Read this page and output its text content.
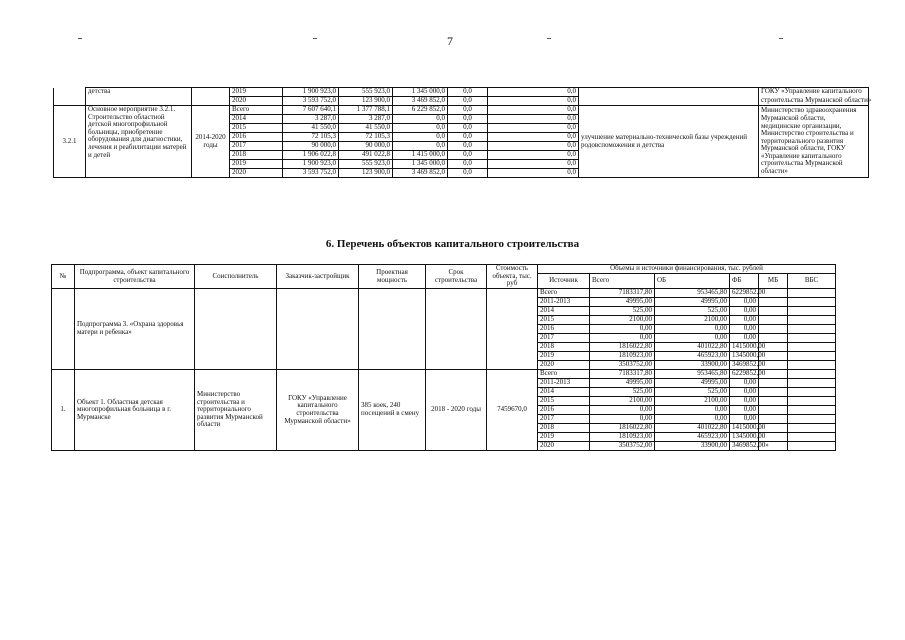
7
	детства		2019	1 900 923,0	555 923,0	1 345 000,0	0,0	0,0		ГОКУ «Управление капитального
			2020	3 593 752,0	123 900,0	3 469 852,0	0,0	0,0		строительства Мурманской области»
3.2.1	Основное мероприятие 3.2.1. Строительство областной детской многопрофильной больницы, приобретение оборудования для диагностики, лечения и реабилитации матерей и детей	2014-2020 годы	Всего	7 607 640,1	1 377 788,1	6 229 852,0	0,0	0,0	улучшение материально-технической базы учреждений родовспоможения и детства	Министерство здравоохранения Мурманской области, медицинские организации, Министерство строительства и территориального развития Мурманской области, ГОКУ «Управление капитального строительства Мурманской области»
			2014	3 287,0	3 287,0	0,0	0,0	0,0		
			2015	41 550,0	41 550,0	0,0	0,0	0,0		
			2016	72 105,3	72 105,3	0,0	0,0	0,0		
			2017	90 000,0	90 000,0	0,0	0,0	0,0		
			2018	1 906 022,8	491 022,8	1 415 000,0	0,0	0,0		
			2019	1 900 923,0	555 923,0	1 345 000,0	0,0	0,0		
			2020	3 593 752,0	123 900,0	3 469 852,0	0,0	0,0		
6. Перечень объектов капитального строительства
№	Подпрограмма, объект капитального строительства	Соисполнитель	Заказчик-застройщик	Проектная мощность	Срок строительства	Стоимость объекта, тыс. руб	Объемы и источники финансирования, тыс. рублей					
							Источник	Всего	ОБ	ФБ	МБ	ВБС
	Подпрограмма 3. «Охрана здоровья матери и ребенка»						Всего	7183317,80	953465,80	6229852,00		
							2011-2013	49995,00	49995,00	0,00		
							2014	525,00	525,00	0,00		
							2015	2100,00	2100,00	0,00		
							2016	0,00	0,00	0,00		
							2017	0,00	0,00	0,00		
							2018	1816022,80	401022,80	1415000,00		
							2019	1810923,00	465923,00	1345000,00		
							2020	3503752,00	33900,00	3469852,00		
1.	Объект 1. Областная детская многопрофильная больница в г. Мурманске	Министерство строительства и территориального развития Мурманской области	ГОКУ «Управление капитального строительства Мурманской области»	385 коек, 240 посещений в смену	2018 - 2020 годы	7459670,0	Всего	7183317,80	953465,80	6229852,00		
							2011-2013	49995,00	49995,00	0,00		
							2014	525,00	525,00	0,00		
							2015	2100,00	2100,00	0,00		
							2016	0,00	0,00	0,00		
							2017	0,00	0,00	0,00		
							2018	1816022,80	401022,80	1415000,00		
							2019	1810923,00	465923,00	1345000,00		
							2020	3503752,00	33900,00	3469852,00»		
